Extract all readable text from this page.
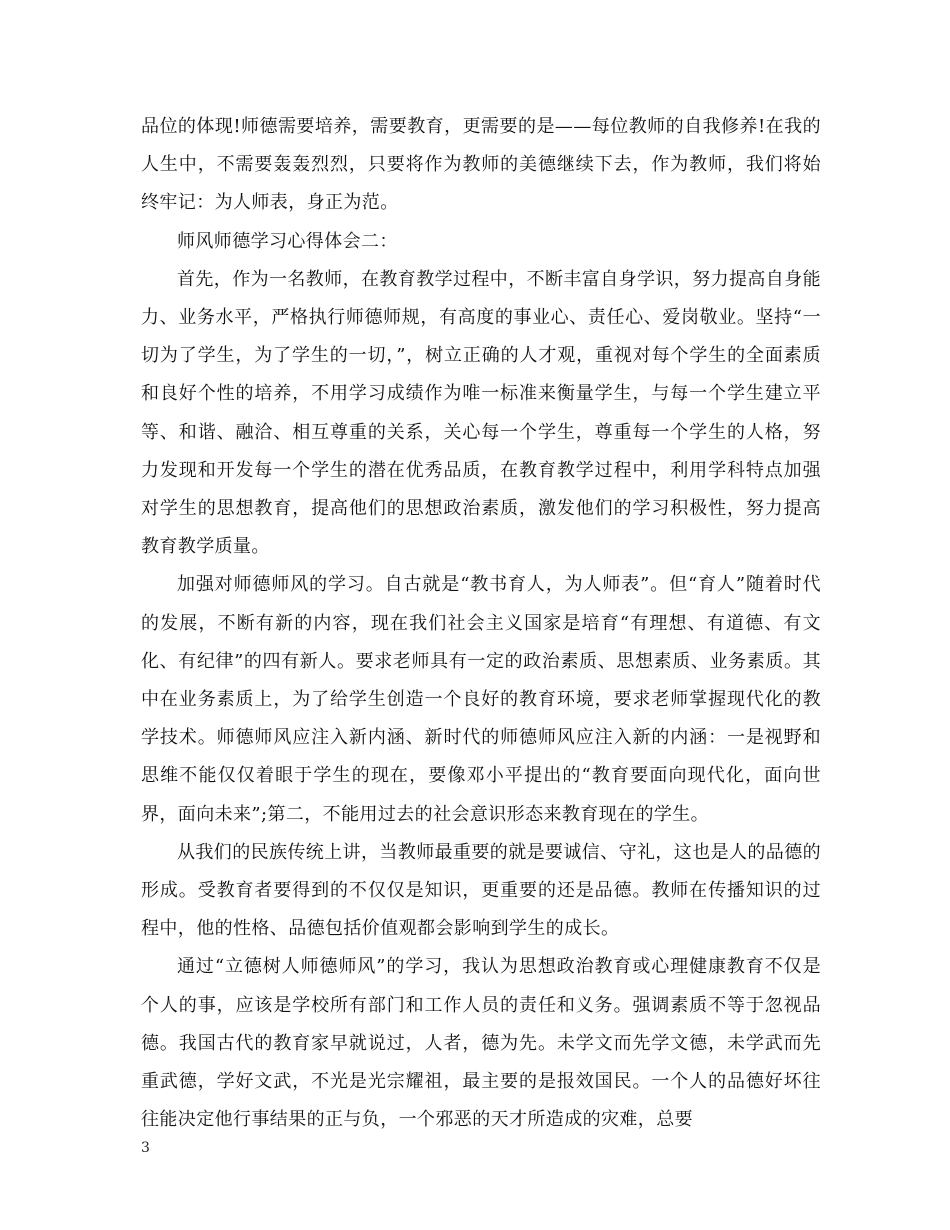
品位的体现!师德需要培养，需要教育，更需要的是——每位教师的自我修养!在我的人生中，不需要轰轰烈烈，只要将作为教师的美德继续下去，作为教师，我们将始终牢记：为人师表，身正为范。

师风师德学习心得体会二：

首先，作为一名教师，在教育教学过程中，不断丰富自身学识，努力提高自身能力、业务水平，严格执行师德师规，有高度的事业心、责任心、爱岗敬业。坚持“一切为了学生，为了学生的一切，”，树立正确的人才观，重视对每个学生的全面素质和良好个性的培养，不用学习成绩作为唯一标准来衡量学生，与每一个学生建立平等、和谐、融洽、相互尊重的关系，关心每一个学生，尊重每一个学生的人格，努力发现和开发每一个学生的潜在优秀品质，在教育教学过程中，利用学科特点加强对学生的思想教育，提高他们的思想政治素质，激发他们的学习积极性，努力提高教育教学质量。

加强对师德师风的学习。自古就是“教书育人，为人师表”。但“育人”随着时代的发展，不断有新的内容，现在我们社会主义国家是培育“有理想、有道德、有文化、有纪律”的四有新人。要求老师具有一定的政治素质、思想素质、业务素质。其中在业务素质上，为了给学生创造一个良好的教育环境，要求老师掌握现代化的教学技术。师德师风应注入新内涵、新时代的师德师风应注入新的内涵：一是视野和思维不能仅仅着眼于学生的现在，要像邓小平提出的“教育要面向现代化，面向世界，面向未来”;第二，不能用过去的社会意识形态来教育现在的学生。

从我们的民族传统上讲，当教师最重要的就是要诚信、守礼，这也是人的品德的形成。受教育者要得到的不仅仅是知识，更重要的还是品德。教师在传播知识的过程中，他的性格、品德包括价值观都会影响到学生的成长。

通过“立德树人师德师风”的学习，我认为思想政治教育或心理健康教育不仅是个人的事，应该是学校所有部门和工作人员的责任和义务。强调素质不等于忽视品德。我国古代的教育家早就说过，人者，德为先。未学文而先学文德，未学武而先重武德，学好文武，不光是光宗耀祖，最主要的是报效国民。一个人的品德好坏往往能决定他行事结果的正与负，一个邪恶的天才所造成的灾难，总要

3
